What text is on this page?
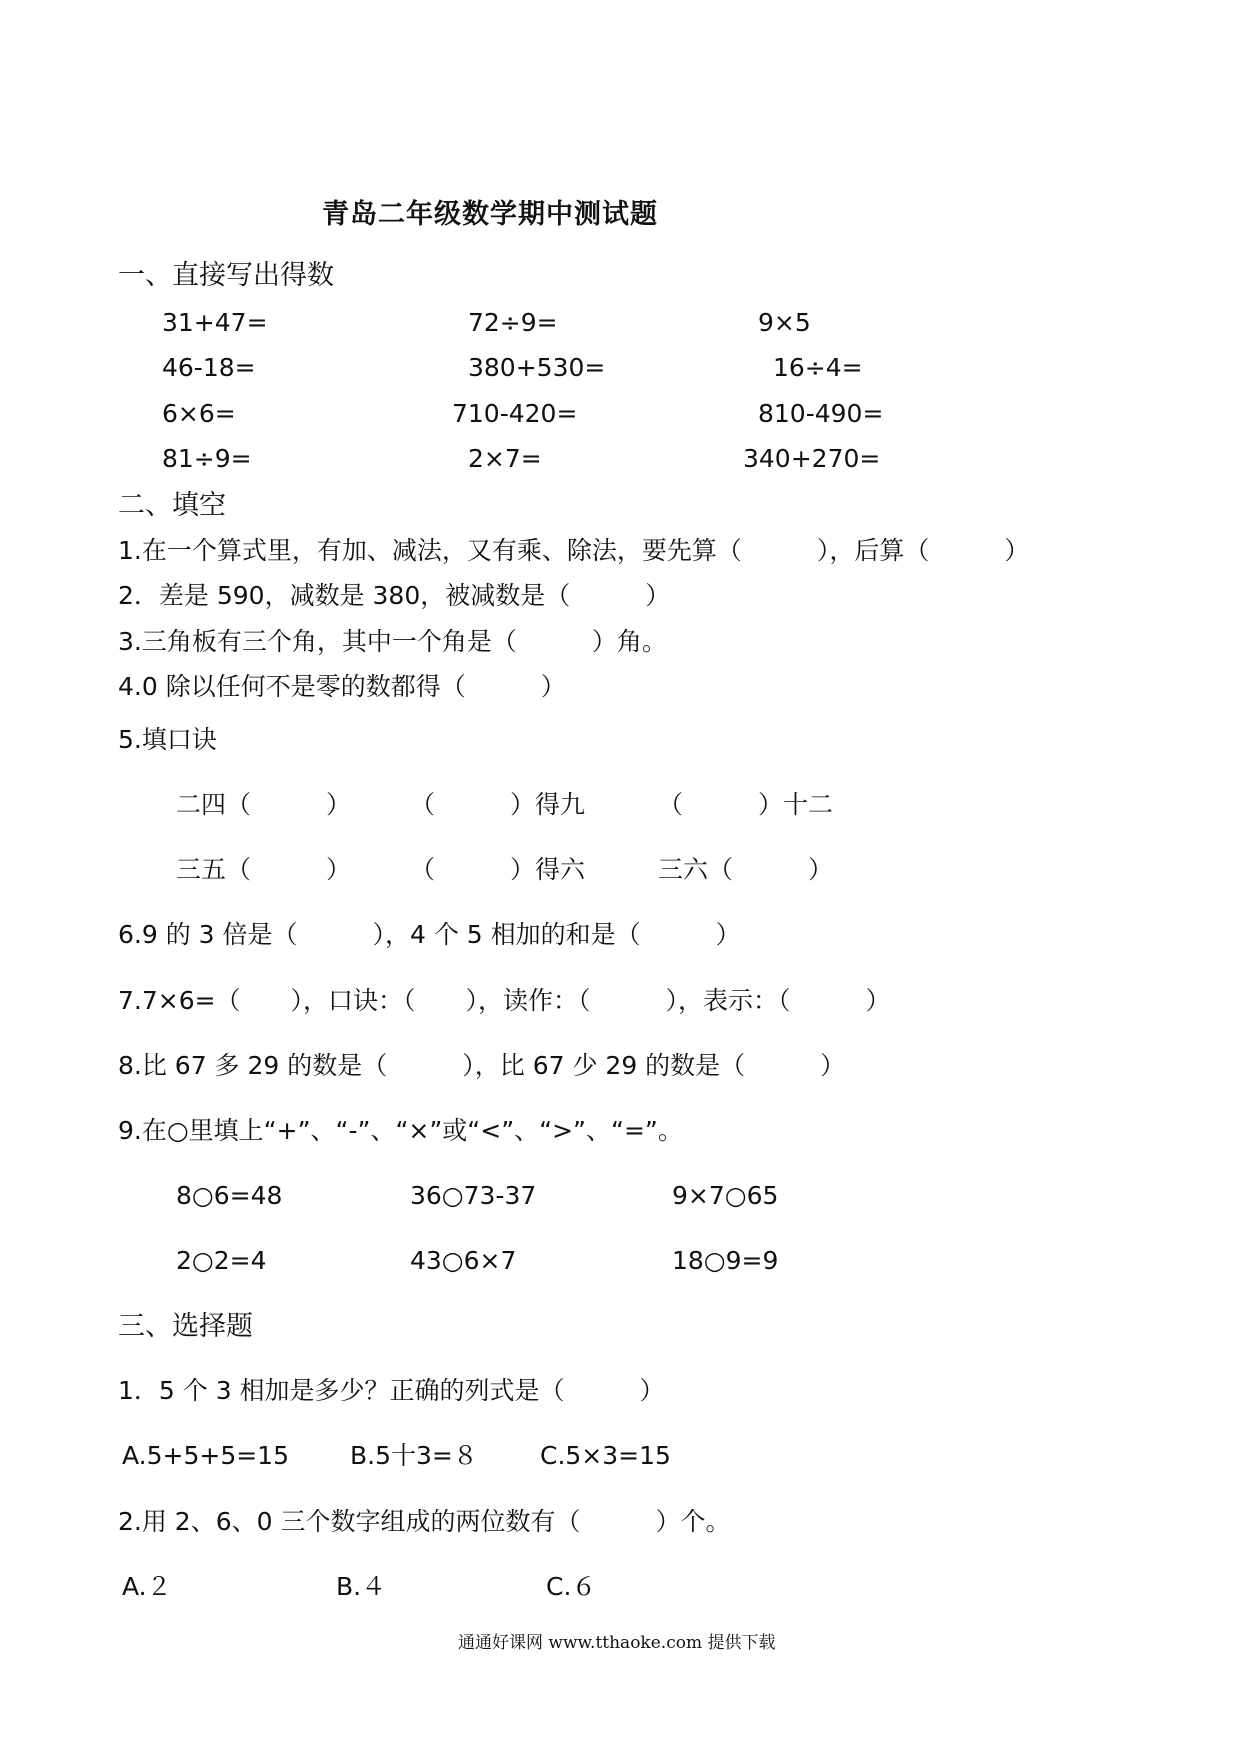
青岛二年级数学期中测试题
一、直接写出得数
31+47=	72÷9=	9×5
46-18=	380+530=	16÷4=
6×6=	710-420=	810-490=
81÷9=	2×7=	340+270=
二、填空
1.在一个算式里，有加、减法，又有乘、除法，要先算（　　　），后算（　　　）
2．差是 590，减数是 380，被减数是（　　　）
3.三角板有三个角，其中一个角是（　　　）角。
4.0 除以任何不是零的数都得（　　　）
5.填口诀
二四（　　　） （　　　）得九	（　　　）十二
三五（　　　） （　　　）得六	三六（　　　）
6.9 的 3 倍是（　　　），4 个 5 相加的和是（　　　）
7.7×6=（　　），口诀：（　　），读作：（　　　），表示：（　　　）
8.比 67 多 29 的数是（　　　），比 67 少 29 的数是（　　　）
9.在○里填上“+”、“-”、“×”或“<”、“>”、“=”。
8○6=48	36○73-37	9×7○65
2○2=4	43○6×7	18○9=9
三、选择题
1．5 个 3 相加是多少？正确的列式是（　　　）
A.5+5+5=15 B.5十3=８ C.5×3=15
2.用 2、6、0 三个数字组成的两位数有（　　　）个。
A.２	B.４	C.６
通通好课网 www.tthaoke.com 提供下载
